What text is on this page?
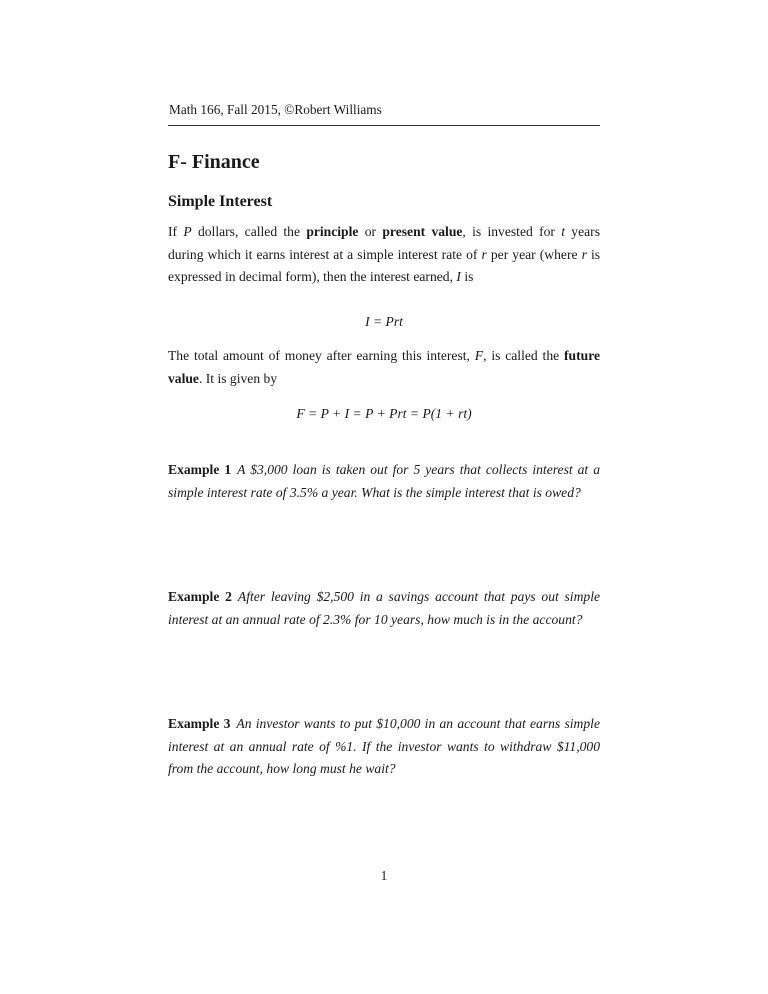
Math 166, Fall 2015, ©Robert Williams
F- Finance
Simple Interest
If P dollars, called the principle or present value, is invested for t years during which it earns interest at a simple interest rate of r per year (where r is expressed in decimal form), then the interest earned, I is
I = Prt
The total amount of money after earning this interest, F, is called the future value. It is given by
F = P + I = P + Prt = P(1 + rt)
Example 1 A $3,000 loan is taken out for 5 years that collects interest at a simple interest rate of 3.5% a year. What is the simple interest that is owed?
Example 2 After leaving $2,500 in a savings account that pays out simple interest at an annual rate of 2.3% for 10 years, how much is in the account?
Example 3 An investor wants to put $10,000 in an account that earns simple interest at an annual rate of %1. If the investor wants to withdraw $11,000 from the account, how long must he wait?
1
